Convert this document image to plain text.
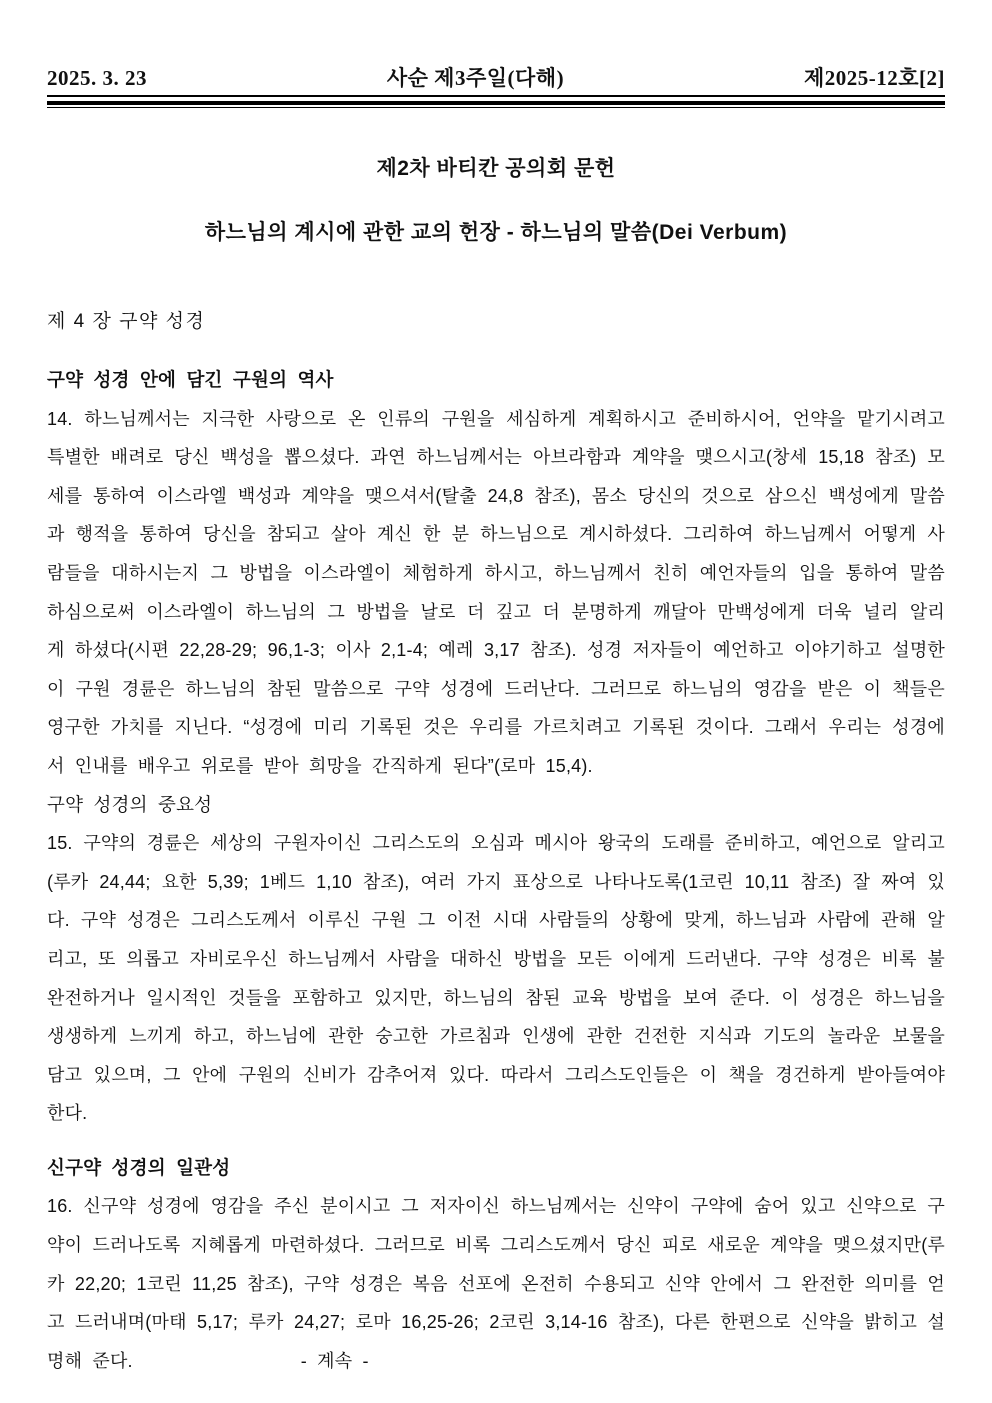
2025. 3. 23	사순 제3주일(다해)	제2025-12호[2]
제2차 바티칸 공의회 문헌
하느님의 계시에 관한 교의 헌장 - 하느님의 말씀(Dei Verbum)
제 4 장 구약 성경
구약 성경 안에 담긴 구원의 역사

14. 하느님께서는 지극한 사랑으로 온 인류의 구원을 세심하게 계획하시고 준비하시어, 언약을 맡기시려고 특별한 배려로 당신 백성을 뽑으셨다. 과연 하느님께서는 아브라함과 계약을 맺으시고(창세 15,18 참조) 모세를 통하여 이스라엘 백성과 계약을 맺으셔서(탈출 24,8 참조), 몸소 당신의 것으로 삼으신 백성에게 말씀과 행적을 통하여 당신을 참되고 살아 계신 한 분 하느님으로 계시하셨다. 그리하여 하느님께서 어떻게 사람들을 대하시는지 그 방법을 이스라엘이 체험하게 하시고, 하느님께서 친히 예언자들의 입을 통하여 말씀하심으로써 이스라엘이 하느님의 그 방법을 날로 더 깊고 더 분명하게 깨달아 만백성에게 더욱 널리 알리게 하셨다(시편 22,28-29; 96,1-3; 이사 2,1-4; 예레 3,17 참조). 성경 저자들이 예언하고 이야기하고 설명한 이 구원 경륜은 하느님의 참된 말씀으로 구약 성경에 드러난다. 그러므로 하느님의 영감을 받은 이 책들은 영구한 가치를 지닌다. “성경에 미리 기록된 것은 우리를 가르치려고 기록된 것이다. 그래서 우리는 성경에서 인내를 배우고 위로를 받아 희망을 간직하게 된다”(로마 15,4).

구약 성경의 중요성

15. 구약의 경륜은 세상의 구원자이신 그리스도의 오심과 메시아 왕국의 도래를 준비하고, 예언으로 알리고(루카 24,44; 요한 5,39; 1베드 1,10 참조), 여러 가지 표상으로 나타나도록(1코린 10,11 참조) 잘 짜여 있다. 구약 성경은 그리스도께서 이루신 구원 그 이전 시대 사람들의 상황에 맞게, 하느님과 사람에 관해 알리고, 또 의롭고 자비로우신 하느님께서 사람을 대하신 방법을 모든 이에게 드러낸다. 구약 성경은 비록 불완전하거나 일시적인 것들을 포함하고 있지만, 하느님의 참된 교육 방법을 보여 준다. 이 성경은 하느님을 생생하게 느끼게 하고, 하느님에 관한 숭고한 가르침과 인생에 관한 건전한 지식과 기도의 놀라운 보물을 담고 있으며, 그 안에 구원의 신비가 감추어져 있다. 따라서 그리스도인들은 이 책을 경건하게 받아들여야 한다.

신구약 성경의 일관성

16. 신구약 성경에 영감을 주신 분이시고 그 저자이신 하느님께서는 신약이 구약에 숨어 있고 신약으로 구약이 드러나도록 지혜롭게 마련하셨다. 그러므로 비록 그리스도께서 당신 피로 새로운 계약을 맺으셨지만(루카 22,20; 1코린 11,25 참조), 구약 성경은 복음 선포에 온전히 수용되고 신약 안에서 그 완전한 의미를 얻고 드러내며(마태 5,17; 루카 24,27; 로마 16,25-26; 2코린 3,14-16 참조), 다른 한편으로 신약을 밝히고 설명해 준다.	- 계속 -
